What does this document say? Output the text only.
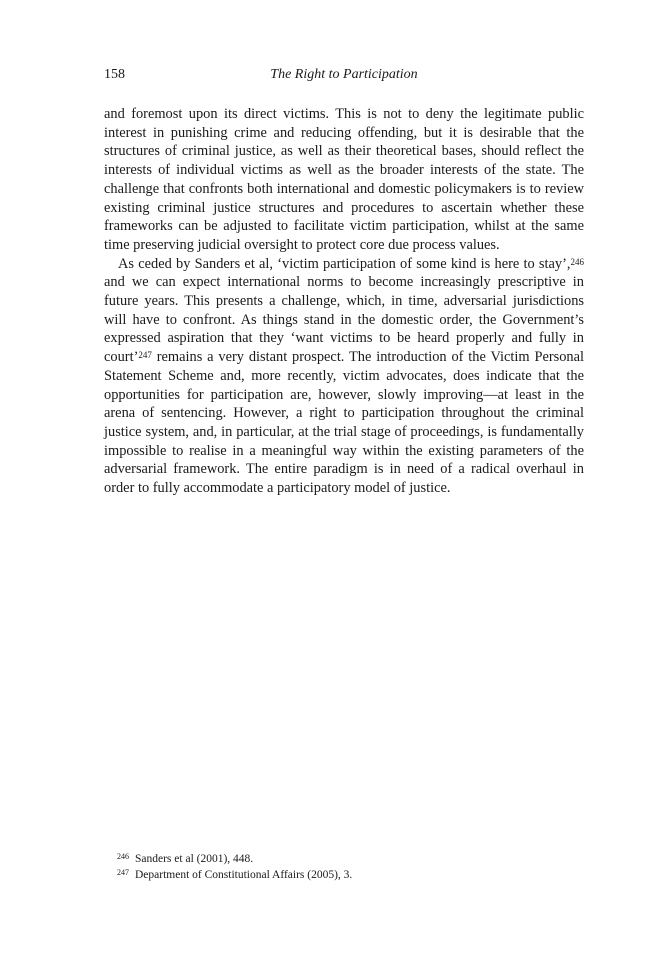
158	The Right to Participation

and foremost upon its direct victims. This is not to deny the legitimate public interest in punishing crime and reducing offending, but it is desirable that the structures of criminal justice, as well as their theoretical bases, should reflect the interests of individual victims as well as the broader interests of the state. The challenge that confronts both international and domestic policymakers is to review existing criminal justice structures and procedures to ascertain whether these frameworks can be adjusted to facilitate victim participation, whilst at the same time preserving judicial oversight to protect core due process values.

As ceded by Sanders et al, ‘victim participation of some kind is here to stay’,$^{246}$ and we can expect international norms to become increasingly prescriptive in future years. This presents a challenge, which, in time, adversarial jurisdictions will have to confront. As things stand in the domestic order, the Government’s expressed aspiration that they ‘want victims to be heard properly and fully in court’$^{247}$ remains a very distant prospect. The introduction of the Victim Personal Statement Scheme and, more recently, victim advocates, does indicate that the opportunities for participation are, however, slowly improving—at least in the arena of sentencing. However, a right to participation throughout the criminal justice system, and, in particular, at the trial stage of proceedings, is fundamentally impossible to realise in a meaningful way within the existing parameters of the adversarial framework. The entire paradigm is in need of a radical overhaul in order to fully accommodate a participatory model of justice.

$^{246}$ Sanders et al (2001), 448.
$^{247}$ Department of Constitutional Affairs (2005), 3.
